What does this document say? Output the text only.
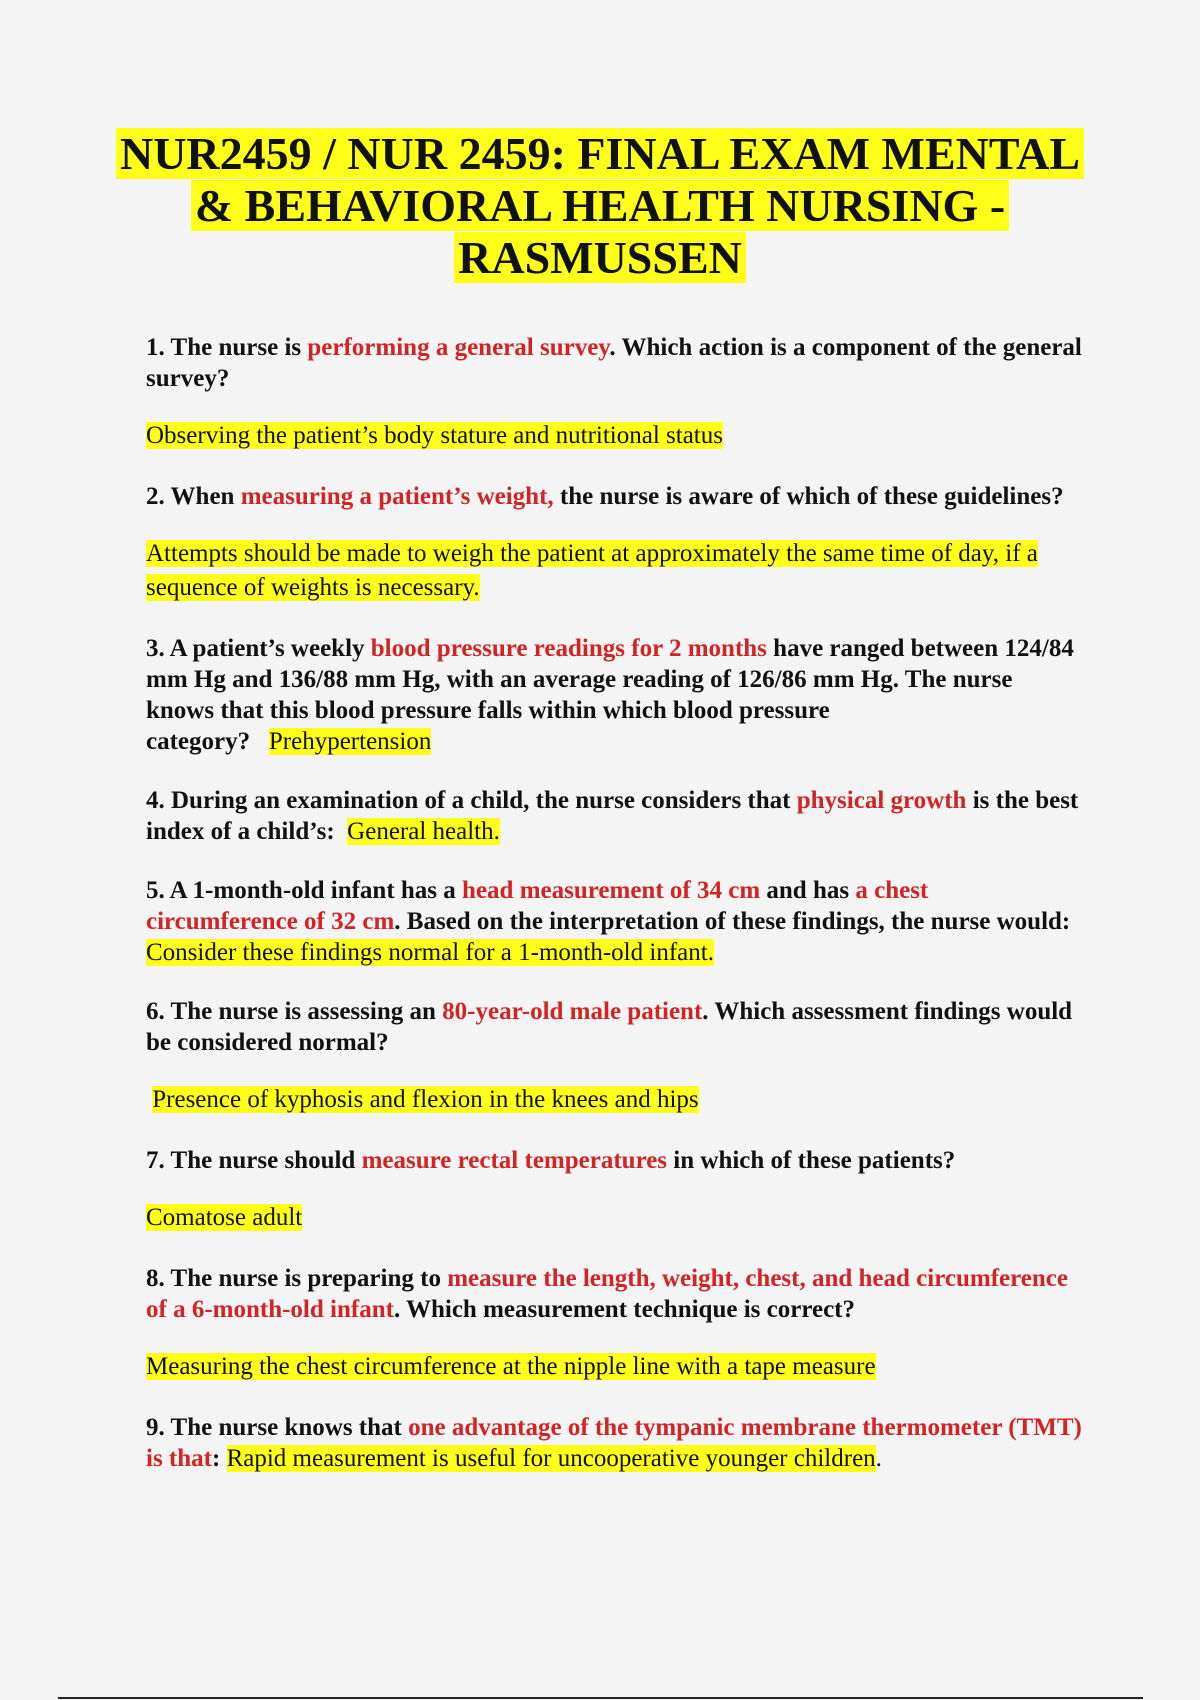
NUR2459 / NUR 2459: FINAL EXAM MENTAL
& BEHAVIORAL HEALTH NURSING -
RASMUSSEN

1. The nurse is performing a general survey. Which action is a component of the general survey?

Observing the patient’s body stature and nutritional status

2. When measuring a patient’s weight, the nurse is aware of which of these guidelines?

Attempts should be made to weigh the patient at approximately the same time of day, if a sequence of weights is necessary.

3. A patient’s weekly blood pressure readings for 2 months have ranged between 124/84 mm Hg and 136/88 mm Hg, with an average reading of 126/86 mm Hg. The nurse knows that this blood pressure falls within which blood pressure category? Prehypertension

4. During an examination of a child, the nurse considers that physical growth is the best index of a child’s: General health.

5. A 1-month-old infant has a head measurement of 34 cm and has a chest circumference of 32 cm. Based on the interpretation of these findings, the nurse would:  Consider these findings normal for a 1-month-old infant.

6. The nurse is assessing an 80-year-old male patient. Which assessment findings would be considered normal?

Presence of kyphosis and flexion in the knees and hips

7. The nurse should measure rectal temperatures in which of these patients?

Comatose adult

8. The nurse is preparing to measure the length, weight, chest, and head circumference of a 6-month-old infant. Which measurement technique is correct?

Measuring the chest circumference at the nipple line with a tape measure

9. The nurse knows that one advantage of the tympanic membrane thermometer (TMT) is that: Rapid measurement is useful for uncooperative younger children.
